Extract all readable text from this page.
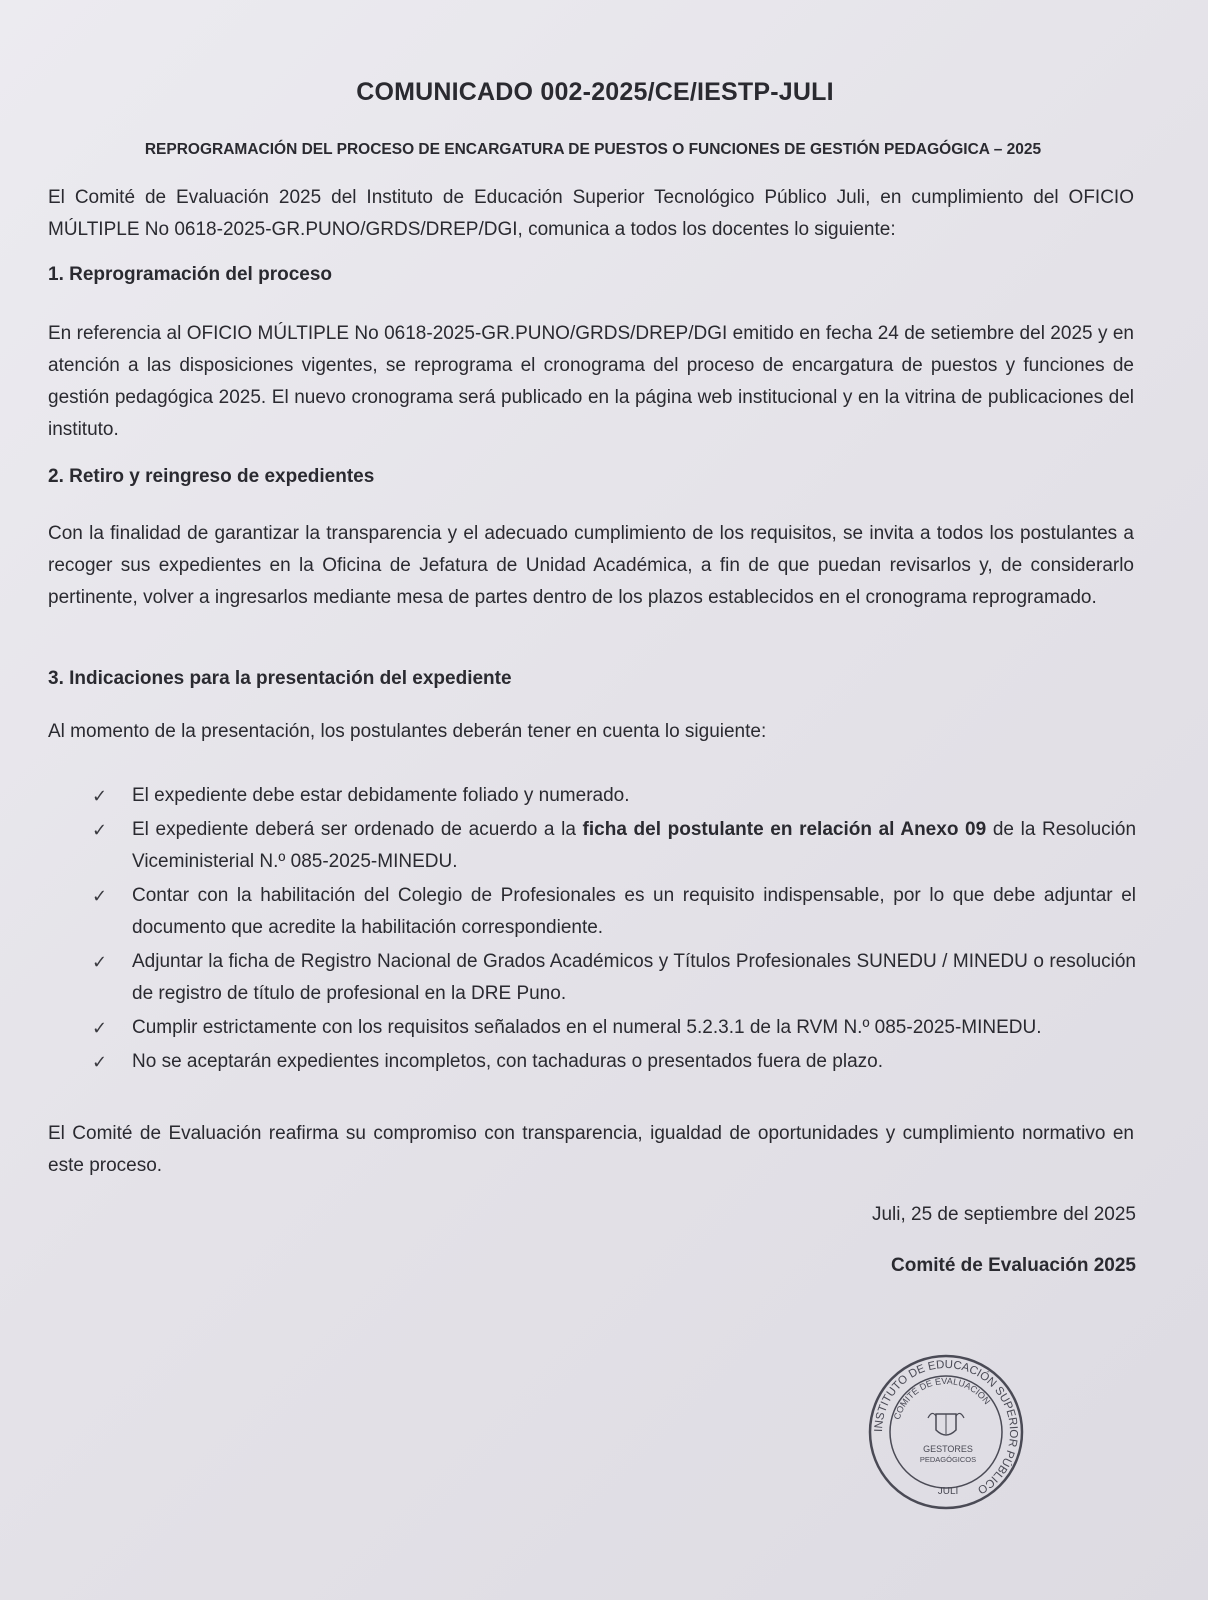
COMUNICADO 002-2025/CE/IESTP-JULI
REPROGRAMACIÓN DEL PROCESO DE ENCARGATURA DE PUESTOS O FUNCIONES DE GESTIÓN PEDAGÓGICA – 2025
El Comité de Evaluación 2025 del Instituto de Educación Superior Tecnológico Público Juli, en cumplimiento del OFICIO MÚLTIPLE No 0618-2025-GR.PUNO/GRDS/DREP/DGI, comunica a todos los docentes lo siguiente:
1. Reprogramación del proceso
En referencia al OFICIO MÚLTIPLE No 0618-2025-GR.PUNO/GRDS/DREP/DGI emitido en fecha 24 de setiembre del 2025 y en atención a las disposiciones vigentes, se reprograma el cronograma del proceso de encargatura de puestos y funciones de gestión pedagógica 2025. El nuevo cronograma será publicado en la página web institucional y en la vitrina de publicaciones del instituto.
2. Retiro y reingreso de expedientes
Con la finalidad de garantizar la transparencia y el adecuado cumplimiento de los requisitos, se invita a todos los postulantes a recoger sus expedientes en la Oficina de Jefatura de Unidad Académica, a fin de que puedan revisarlos y, de considerarlo pertinente, volver a ingresarlos mediante mesa de partes dentro de los plazos establecidos en el cronograma reprogramado.
3. Indicaciones para la presentación del expediente
Al momento de la presentación, los postulantes deberán tener en cuenta lo siguiente:
✓ El expediente debe estar debidamente foliado y numerado.
✓ El expediente deberá ser ordenado de acuerdo a la ficha del postulante en relación al Anexo 09 de la Resolución Viceministerial N.º 085-2025-MINEDU.
✓ Contar con la habilitación del Colegio de Profesionales es un requisito indispensable, por lo que debe adjuntar el documento que acredite la habilitación correspondiente.
✓ Adjuntar la ficha de Registro Nacional de Grados Académicos y Títulos Profesionales SUNEDU / MINEDU o resolución de registro de título de profesional en la DRE Puno.
✓ Cumplir estrictamente con los requisitos señalados en el numeral 5.2.3.1 de la RVM N.º 085-2025-MINEDU.
✓ No se aceptarán expedientes incompletos, con tachaduras o presentados fuera de plazo.
El Comité de Evaluación reafirma su compromiso con transparencia, igualdad de oportunidades y cumplimiento normativo en este proceso.
Juli, 25 de septiembre del 2025
Comité de Evaluación 2025
INSTITUTO DE EDUCACIÓN SUPERIOR PÚBLICO
COMITÉ DE EVALUACIÓN
GESTORES
PEDAGÓGICOS
JULI
